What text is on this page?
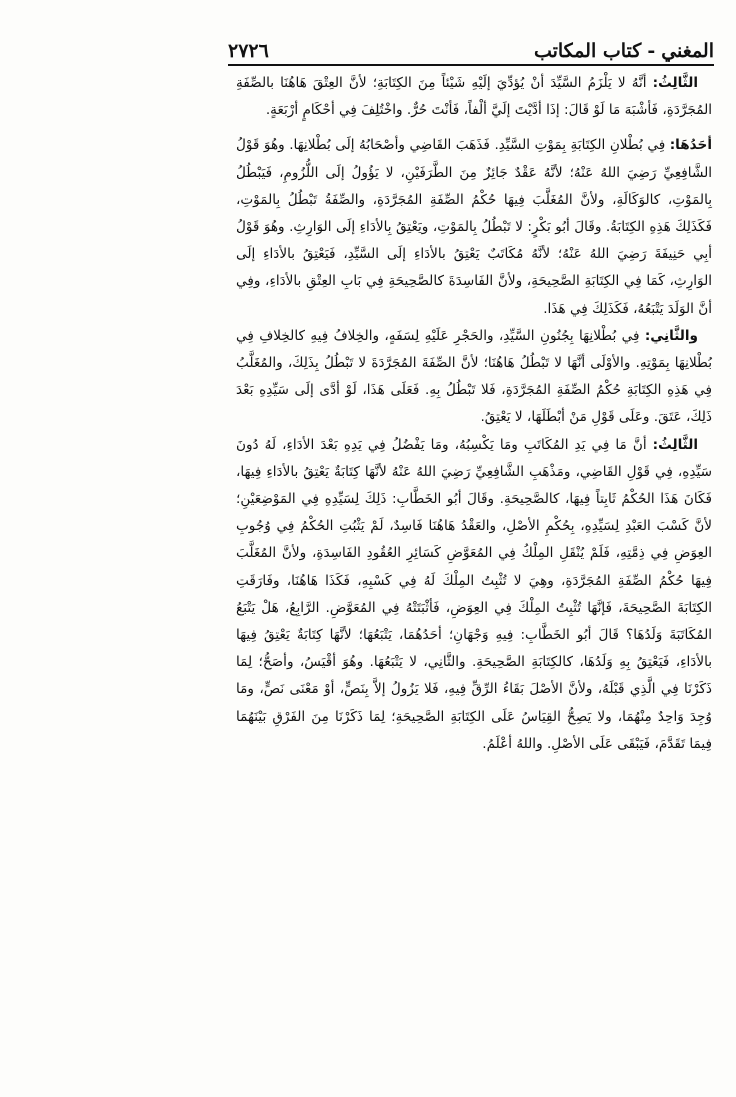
المغني-كتاب المكاتب
٢٧٢٦

الثَّالِثُ: أنَّهُ لا يَلْزَمُ السَّيِّدَ أنْ يُؤدِّيَ إلَيْهِ شَيْئاً مِنَ الكِتَابَةِ؛ لأنَّ العِتْقَ هَاهُنَا بالصِّفَةِ المُجَرَّدَةِ، فَأشْبَهَ مَا لَوْ قَالَ: إذَا أدَّيْتَ إلَيَّ ألْفاً، فَأنْتَ حُرٌّ. واخْتُلِفَ فِي أحْكَامٍ أرْبَعَةٍ.

أحَدُهَا: فِي بُطْلانِ الكِتَابَةِ بِمَوْتِ السَّيِّدِ. فَذَهَبَ القَاضِي وأصْحَابُهُ إلَى بُطْلانِهَا. وهُوَ قَوْلُ الشَّافِعِيِّ رَضِيَ اللهُ عَنْهُ؛ لأنَّهُ عَقْدٌ جَائِزٌ مِنَ الطَّرَفَيْنِ، لا يَؤُولُ إلَى اللُّزُومِ، فَيَبْطُلُ بِالمَوْتِ، كالوَكَالَةِ، ولأنَّ المُغَلَّبَ فِيهَا حُكْمُ الصِّفَةِ المُجَرَّدَةِ، والصِّفَةُ تَبْطُلُ بِالمَوْتِ، فَكَذَلِكَ هَذِهِ الكِتَابَةُ. وقَالَ أبُو بَكْرٍ: لا تَبْطُلُ بِالمَوْتِ، ويَعْتِقُ بِالأدَاءِ إلَى الوَارِثِ. وهُوَ قَوْلُ أبِي حَنِيفَةَ رَضِيَ اللهُ عَنْهُ؛ لأنَّهُ مُكَاتَبٌ يَعْتِقُ بالأدَاءِ إلَى السَّيِّدِ، فَيَعْتِقُ بالأدَاءِ إلَى الوَارِثِ، كَمَا فِي الكِتَابَةِ الصَّحِيحَةِ، ولأنَّ الفَاسِدَةَ كالصَّحِيحَةِ فِي بَابِ العِتْقِ بالأدَاءِ، وفِي أنَّ الوَلَدَ يَتْبَعُهُ، فَكَذَلِكَ فِي هَذَا.

والثَّانِي: فِي بُطْلانِهَا بِجُنُونِ السَّيِّدِ، والحَجْرِ عَلَيْهِ لِسَفَهٍ، والخِلافُ فِيهِ كالخِلافِ فِي بُطْلانِهَا بِمَوْتِهِ. والأوْلَى أنَّهَا لا تَبْطُلُ هَاهُنَا؛ لأنَّ الصِّفَةَ المُجَرَّدَةَ لا تَبْطُلُ بِذَلِكَ، والمُغَلَّبُ فِي هَذِهِ الكِتَابَةِ حُكْمُ الصِّفَةِ المُجَرَّدَةِ، فَلا تَبْطُلُ بِهِ. فَعَلَى هَذَا، لَوْ أدَّى إلَى سَيِّدِهِ بَعْدَ ذَلِكَ، عَتَقَ. وعَلَى قَوْلِ مَنْ أبْطَلَهَا، لا يَعْتِقُ.

الثَّالِثُ: أنَّ مَا فِي يَدِ المُكَاتَبِ ومَا يَكْسِبُهُ، ومَا يَفْضُلُ فِي يَدِهِ بَعْدَ الأدَاءِ، لَهُ دُونَ سَيِّدِهِ، فِي قَوْلِ القَاضِي، ومَذْهَبِ الشَّافِعِيِّ رَضِيَ اللهُ عَنْهُ لأنَّهَا كِتَابَةٌ يَعْتِقُ بالأدَاءِ فِيهَا، فَكَانَ هَذَا الحُكْمُ ثَابِتاً فِيهَا، كالصَّحِيحَةِ. وقَالَ أبُو الخَطَّابِ: ذَلِكَ لِسَيِّدِهِ فِي المَوْضِعَيْنِ؛ لأنَّ كَسْبَ العَبْدِ لِسَيِّدِهِ، بِحُكْمِ الأصْلِ، والعَقْدُ هَاهُنَا فَاسِدٌ، لَمْ يَثْبُتِ الحُكْمُ فِي وُجُوبِ العِوَضِ فِي ذِمَّتِهِ، فَلَمْ يُنْقَلِ المِلْكُ فِي المُعَوَّضِ كَسَائِرِ العُقُودِ الفَاسِدَةِ، ولأنَّ المُغَلَّبَ فِيهَا حُكْمُ الصِّفَةِ المُجَرَّدَةِ، وهِيَ لا تُثْبِتُ المِلْكَ لَهُ فِي كَسْبِهِ، فَكَذَا هَاهُنَا، وفَارَقَتِ الكِتَابَةَ الصَّحِيحَةَ، فَإنَّهَا تُثْبِتُ المِلْكَ فِي العِوَضِ، فَأثْبَتَتْهُ فِي المُعَوَّضِ. الرَّابِعُ، هَلْ يَتْبَعُ المُكَاتَبَةَ وَلَدُهَا؟ قَالَ أبُو الخَطَّابِ: فِيهِ وَجْهَانِ؛ أحَدُهُمَا، يَتْبَعُهَا؛ لأنَّهَا كِتَابَةٌ يَعْتِقُ فِيهَا بالأدَاءِ، فَيَعْتِقُ بِهِ وَلَدُهَا، كالكِتَابَةِ الصَّحِيحَةِ. والثَّانِي، لا يَتْبَعُهَا. وهُوَ أقْيَسُ، وأصَحُّ؛ لِمَا ذَكَرْنَا فِي الَّذِي قَبْلَهُ، ولأنَّ الأصْلَ بَقَاءُ الرِّقِّ فِيهِ، فَلا يَزُولُ إلاَّ بِنَصٍّ، أوْ مَعْنَى نَصٍّ، ومَا وُجِدَ وَاحِدٌ مِنْهُمَا، ولا يَصِحُّ القِيَاسُ عَلَى الكِتَابَةِ الصَّحِيحَةِ؛ لِمَا ذَكَرْنَا مِنَ الفَرْقِ بَيْنَهُمَا فِيمَا تَقَدَّمَ، فَيَبْقَى عَلَى الأصْلِ. واللهُ أعْلَمُ.
